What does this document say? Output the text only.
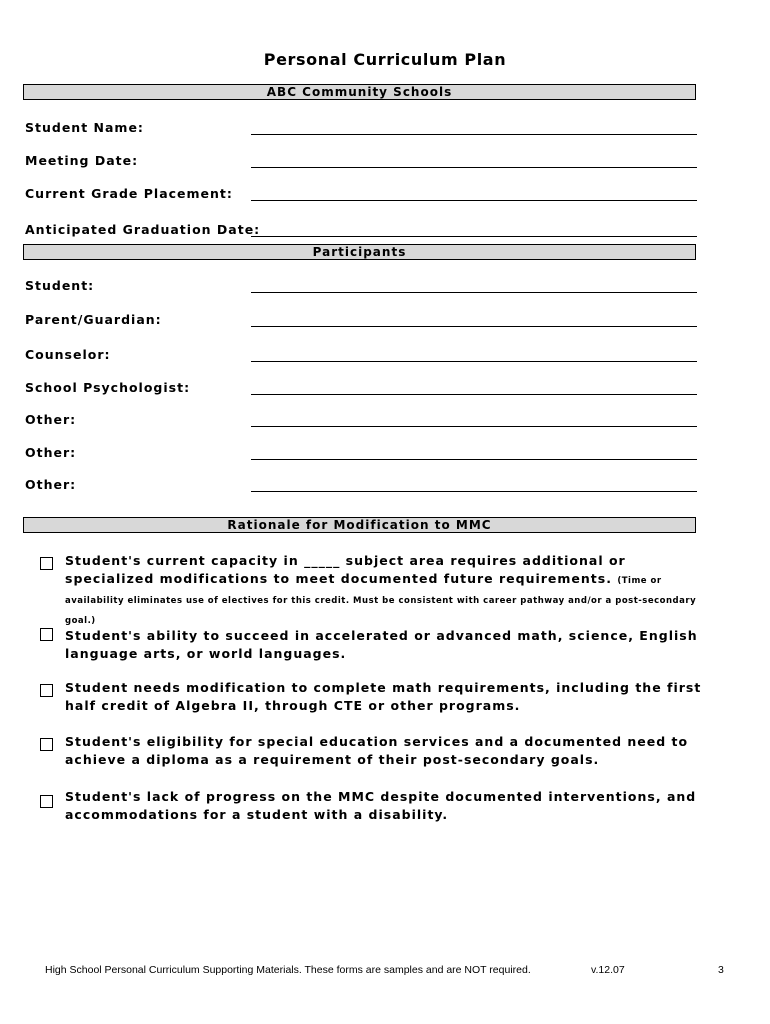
Personal Curriculum Plan
ABC Community Schools
Student Name:
Meeting Date:
Current Grade Placement:
Anticipated Graduation Date:
Participants
Student:
Parent/Guardian:
Counselor:
School Psychologist:
Other:
Other:
Other:
Rationale for Modification to MMC
Student's current capacity in _____ subject area requires additional or specialized modifications to meet documented future requirements. (Time or availability eliminates use of electives for this credit. Must be consistent with career pathway and/or a post-secondary goal.)
Student's ability to succeed in accelerated or advanced math, science, English language arts, or world languages.
Student needs modification to complete math requirements, including the first half credit of Algebra II, through CTE or other programs.
Student's eligibility for special education services and a documented need to achieve a diploma as a requirement of their post-secondary goals.
Student's lack of progress on the MMC despite documented interventions, and accommodations for a student with a disability.
High School Personal Curriculum Supporting Materials. These forms are samples and are NOT required.	v.12.07	3
